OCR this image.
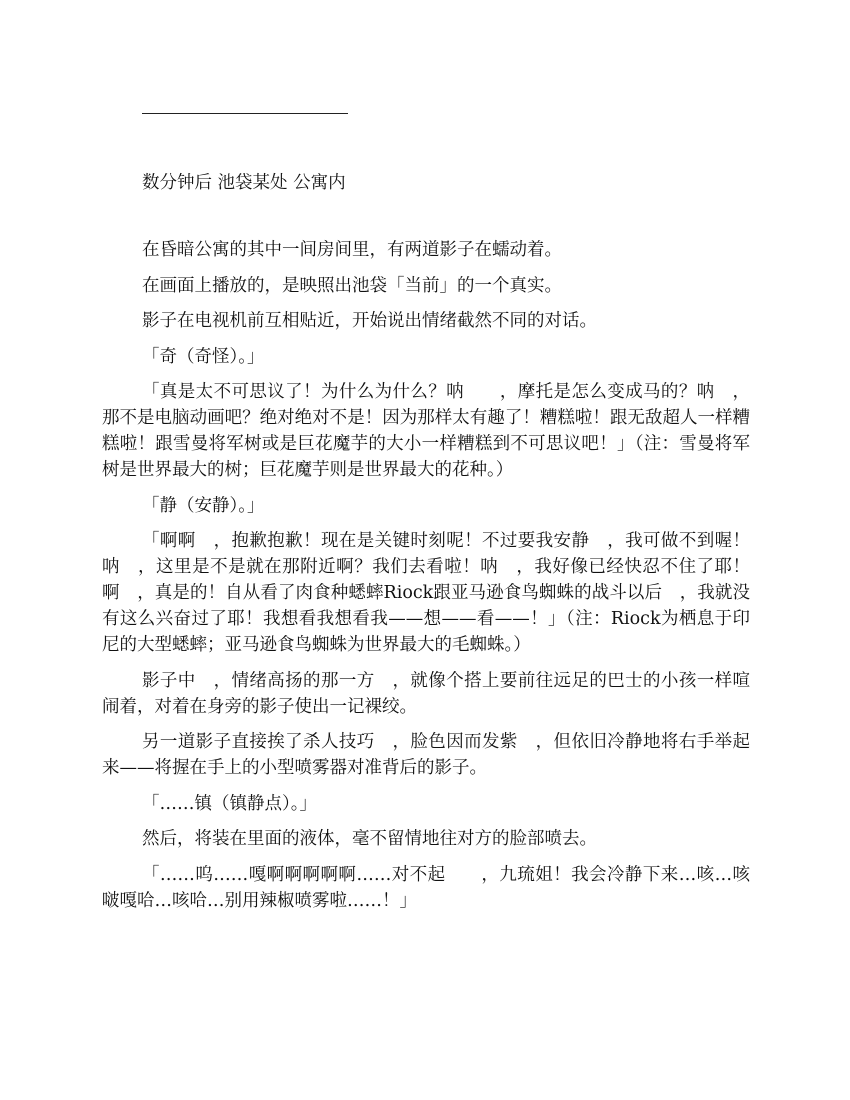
数分钟后 池袋某处 公寓内

在昏暗公寓的其中一间房间里，有两道影子在蠕动着。

在画面上播放的，是映照出池袋「当前」的一个真实。

影子在电视机前互相贴近，开始说出情绪截然不同的对话。

「奇（奇怪）。」

「真是太不可思议了！为什么为什么？呐　　，摩托是怎么变成马的？呐　，那不是电脑动画吧？绝对绝对不是！因为那样太有趣了！糟糕啦！跟无敌超人一样糟糕啦！跟雪曼将军树或是巨花魔芋的大小一样糟糕到不可思议吧！」（注：雪曼将军树是世界最大的树；巨花魔芋则是世界最大的花种。）

「静（安静）。」

「啊啊　，抱歉抱歉！现在是关键时刻呢！不过要我安静　，我可做不到喔！呐　，这里是不是就在那附近啊？我们去看啦！呐　，我好像已经快忍不住了耶！啊　，真是的！自从看了肉食种蟋蟀Riock跟亚马逊食鸟蜘蛛的战斗以后　，我就没有这么兴奋过了耶！我想看我想看我——想——看——！」（注：Riock为栖息于印尼的大型蟋蟀；亚马逊食鸟蜘蛛为世界最大的毛蜘蛛。）

影子中　，情绪高扬的那一方　，就像个搭上要前往远足的巴士的小孩一样喧闹着，对着在身旁的影子使出一记裸绞。

另一道影子直接挨了杀人技巧　，脸色因而发紫　，但依旧冷静地将右手举起来——将握在手上的小型喷雾器对准背后的影子。

「……镇（镇静点）。」

然后，将装在里面的液体，毫不留情地往对方的脸部喷去。

「……呜……嘎啊啊啊啊啊……对不起　　，九琉姐！我会冷静下来…咳…咳啵嘎哈…咳哈…别用辣椒喷雾啦……！」
